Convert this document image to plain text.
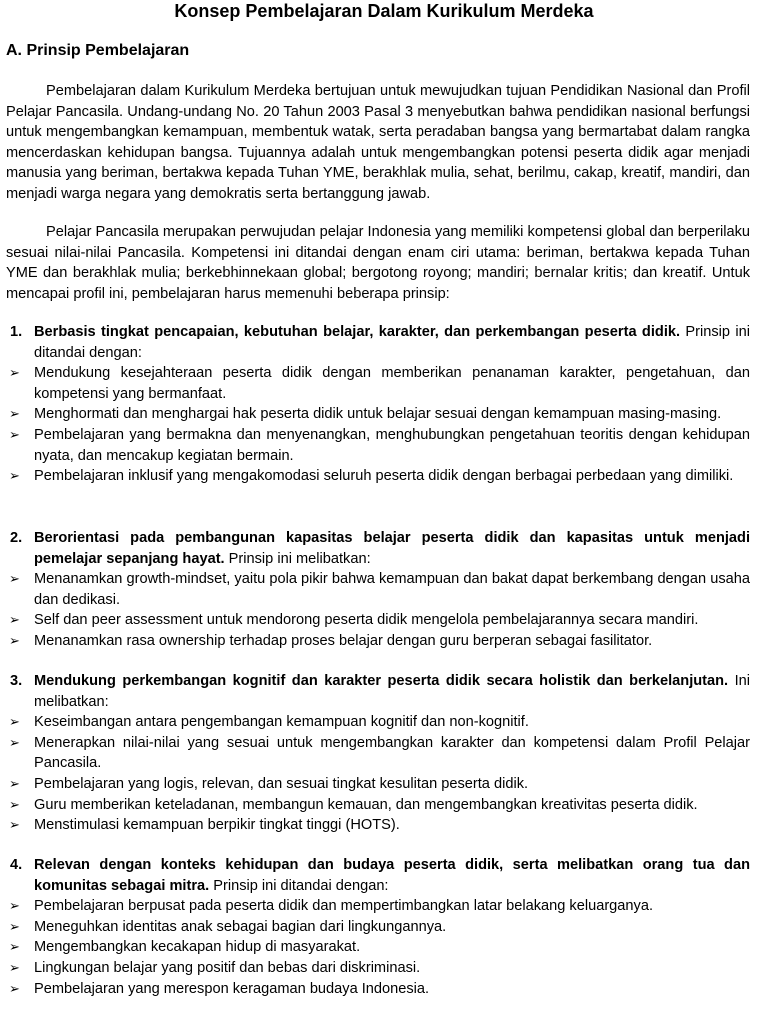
Konsep Pembelajaran Dalam Kurikulum Merdeka
A. Prinsip Pembelajaran

Pembelajaran dalam Kurikulum Merdeka bertujuan untuk mewujudkan tujuan Pendidikan Nasional dan Profil Pelajar Pancasila. Undang-undang No. 20 Tahun 2003 Pasal 3 menyebutkan bahwa pendidikan nasional berfungsi untuk mengembangkan kemampuan, membentuk watak, serta peradaban bangsa yang bermartabat dalam rangka mencerdaskan kehidupan bangsa. Tujuannya adalah untuk mengembangkan potensi peserta didik agar menjadi manusia yang beriman, bertakwa kepada Tuhan YME, berakhlak mulia, sehat, berilmu, cakap, kreatif, mandiri, dan menjadi warga negara yang demokratis serta bertanggung jawab.

Pelajar Pancasila merupakan perwujudan pelajar Indonesia yang memiliki kompetensi global dan berperilaku sesuai nilai-nilai Pancasila. Kompetensi ini ditandai dengan enam ciri utama: beriman, bertakwa kepada Tuhan YME dan berakhlak mulia; berkebhinnekaan global; bergotong royong; mandiri; bernalar kritis; dan kreatif. Untuk mencapai profil ini, pembelajaran harus memenuhi beberapa prinsip:

1. Berbasis tingkat pencapaian, kebutuhan belajar, karakter, dan perkembangan peserta didik. Prinsip ini ditandai dengan:
➢ Mendukung kesejahteraan peserta didik dengan memberikan penanaman karakter, pengetahuan, dan kompetensi yang bermanfaat.
➢ Menghormati dan menghargai hak peserta didik untuk belajar sesuai dengan kemampuan masing-masing.
➢ Pembelajaran yang bermakna dan menyenangkan, menghubungkan pengetahuan teoritis dengan kehidupan nyata, dan mencakup kegiatan bermain.
➢ Pembelajaran inklusif yang mengakomodasi seluruh peserta didik dengan berbagai perbedaan yang dimiliki.
2. Berorientasi pada pembangunan kapasitas belajar peserta didik dan kapasitas untuk menjadi pemelajar sepanjang hayat. Prinsip ini melibatkan:
➢ Menanamkan growth-mindset, yaitu pola pikir bahwa kemampuan dan bakat dapat berkembang dengan usaha dan dedikasi.
➢ Self dan peer assessment untuk mendorong peserta didik mengelola pembelajarannya secara mandiri.
➢ Menanamkan rasa ownership terhadap proses belajar dengan guru berperan sebagai fasilitator.
3. Mendukung perkembangan kognitif dan karakter peserta didik secara holistik dan berkelanjutan. Ini melibatkan:
➢ Keseimbangan antara pengembangan kemampuan kognitif dan non-kognitif.
➢ Menerapkan nilai-nilai yang sesuai untuk mengembangkan karakter dan kompetensi dalam Profil Pelajar Pancasila.
➢ Pembelajaran yang logis, relevan, dan sesuai tingkat kesulitan peserta didik.
➢ Guru memberikan keteladanan, membangun kemauan, dan mengembangkan kreativitas peserta didik.
➢ Menstimulasi kemampuan berpikir tingkat tinggi (HOTS).
4. Relevan dengan konteks kehidupan dan budaya peserta didik, serta melibatkan orang tua dan komunitas sebagai mitra. Prinsip ini ditandai dengan:
➢ Pembelajaran berpusat pada peserta didik dan mempertimbangkan latar belakang keluarganya.
➢ Meneguhkan identitas anak sebagai bagian dari lingkungannya.
➢ Mengembangkan kecakapan hidup di masyarakat.
➢ Lingkungan belajar yang positif dan bebas dari diskriminasi.
➢ Pembelajaran yang merespon keragaman budaya Indonesia.
